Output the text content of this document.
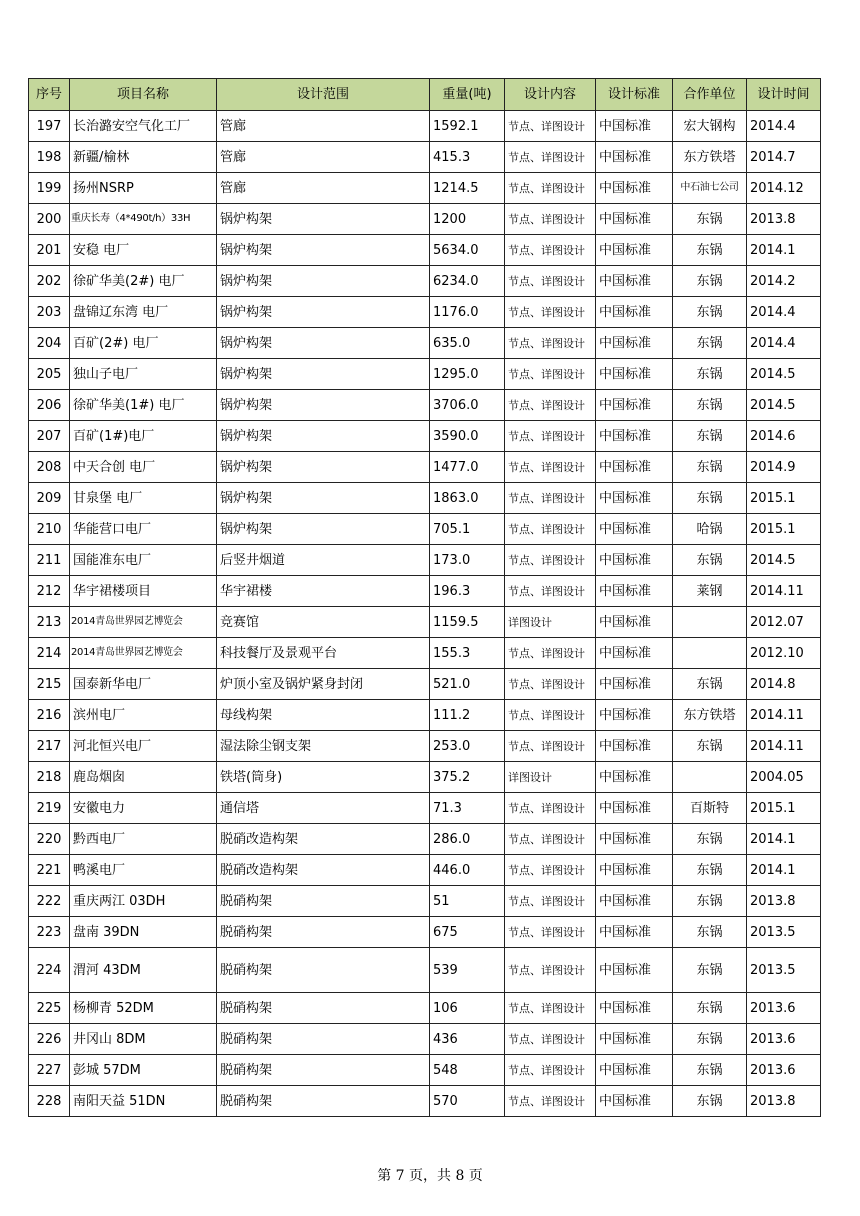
序号	项目名称	设计范围	重量(吨)	设计内容	设计标准	合作单位	设计时间
197	长治潞安空气化工厂	管廊	1592.1	节点、详图设计	中国标准	宏大钢构	2014.4
198	新疆/榆林	管廊	415.3	节点、详图设计	中国标准	东方铁塔	2014.7
199	扬州NSRP	管廊	1214.5	节点、详图设计	中国标准	中石油七公司	2014.12
200	重庆长寿（4*490t/h）33H	锅炉构架	1200	节点、详图设计	中国标准	东锅	2013.8
201	安稳 电厂	锅炉构架	5634.0	节点、详图设计	中国标准	东锅	2014.1
202	徐矿华美(2#) 电厂	锅炉构架	6234.0	节点、详图设计	中国标准	东锅	2014.2
203	盘锦辽东湾 电厂	锅炉构架	1176.0	节点、详图设计	中国标准	东锅	2014.4
204	百矿(2#) 电厂	锅炉构架	635.0	节点、详图设计	中国标准	东锅	2014.4
205	独山子电厂	锅炉构架	1295.0	节点、详图设计	中国标准	东锅	2014.5
206	徐矿华美(1#) 电厂	锅炉构架	3706.0	节点、详图设计	中国标准	东锅	2014.5
207	百矿(1#)电厂	锅炉构架	3590.0	节点、详图设计	中国标准	东锅	2014.6
208	中天合创 电厂	锅炉构架	1477.0	节点、详图设计	中国标准	东锅	2014.9
209	甘泉堡 电厂	锅炉构架	1863.0	节点、详图设计	中国标准	东锅	2015.1
210	华能营口电厂	锅炉构架	705.1	节点、详图设计	中国标准	哈锅	2015.1
211	国能准东电厂	后竖井烟道	173.0	节点、详图设计	中国标准	东锅	2014.5
212	华宇裙楼项目	华宇裙楼	196.3	节点、详图设计	中国标准	莱钢	2014.11
213	2014青岛世界园艺博览会	竞赛馆	1159.5	详图设计	中国标准		2012.07
214	2014青岛世界园艺博览会	科技餐厅及景观平台	155.3	节点、详图设计	中国标准		2012.10
215	国泰新华电厂	炉顶小室及锅炉紧身封闭	521.0	节点、详图设计	中国标准	东锅	2014.8
216	滨州电厂	母线构架	111.2	节点、详图设计	中国标准	东方铁塔	2014.11
217	河北恒兴电厂	湿法除尘钢支架	253.0	节点、详图设计	中国标准	东锅	2014.11
218	鹿岛烟囱	铁塔(筒身)	375.2	详图设计	中国标准		2004.05
219	安徽电力	通信塔	71.3	节点、详图设计	中国标准	百斯特	2015.1
220	黔西电厂	脱硝改造构架	286.0	节点、详图设计	中国标准	东锅	2014.1
221	鸭溪电厂	脱硝改造构架	446.0	节点、详图设计	中国标准	东锅	2014.1
222	重庆两江 03DH	脱硝构架	51	节点、详图设计	中国标准	东锅	2013.8
223	盘南 39DN	脱硝构架	675	节点、详图设计	中国标准	东锅	2013.5
224	渭河 43DM	脱硝构架	539	节点、详图设计	中国标准	东锅	2013.5
225	杨柳青 52DM	脱硝构架	106	节点、详图设计	中国标准	东锅	2013.6
226	井冈山 8DM	脱硝构架	436	节点、详图设计	中国标准	东锅	2013.6
227	彭城 57DM	脱硝构架	548	节点、详图设计	中国标准	东锅	2013.6
228	南阳天益 51DN	脱硝构架	570	节点、详图设计	中国标准	东锅	2013.8
第 7 页，共 8 页
